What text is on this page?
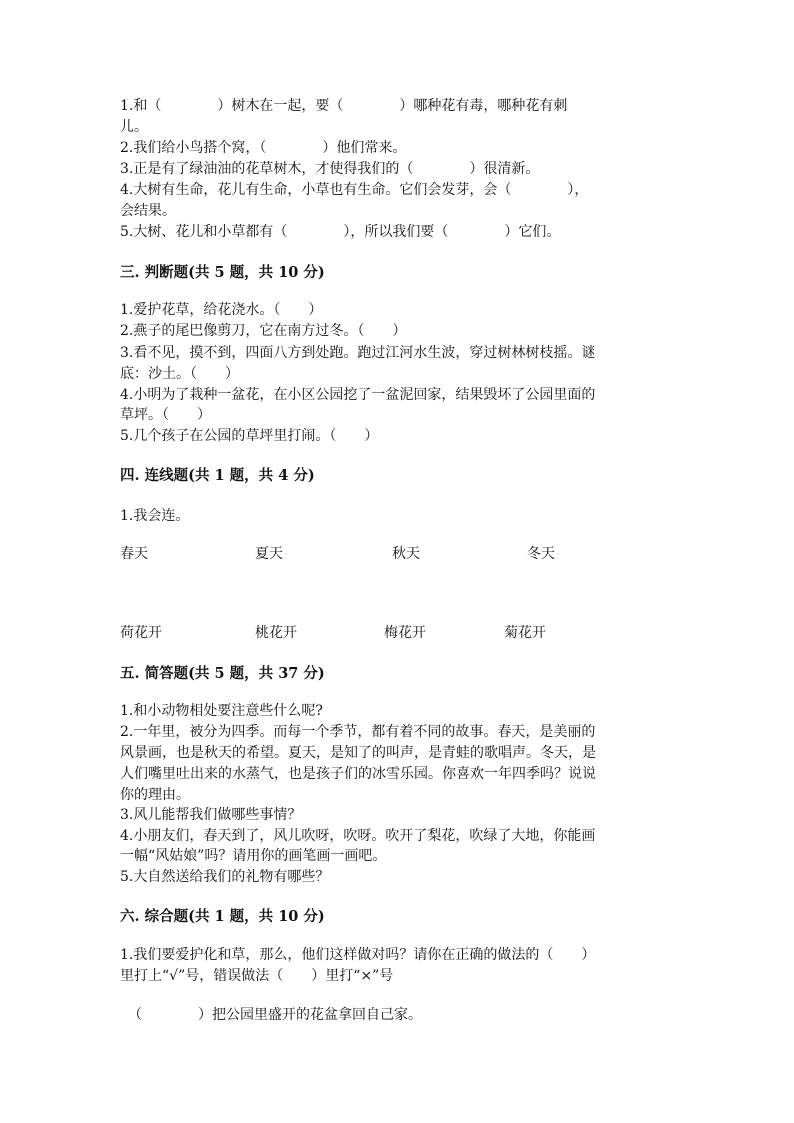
1.和（　　　　）树木在一起，要（　　　　）哪种花有毒，哪种花有刺
儿。
2.我们给小鸟搭个窝，（　　　　）他们常来。
3.正是有了绿油油的花草树木，才使得我们的（　　　　）很清新。
4.大树有生命，花儿有生命，小草也有生命。它们会发芽，会（　　　　），
会结果。
5.大树、花儿和小草都有（　　　　），所以我们要（　　　　）它们。
三. 判断题(共 5 题，共 10 分)
1.爱护花草，给花浇水。（　　）
2.燕子的尾巴像剪刀，它在南方过冬。（　　）
3.看不见，摸不到，四面八方到处跑。跑过江河水生波，穿过树林树枝摇。谜
底：沙土。（　　）
4.小明为了栽种一盆花，在小区公园挖了一盆泥回家，结果毁坏了公园里面的
草坪。（　　）
5.几个孩子在公园的草坪里打闹。（　　）
四. 连线题(共 1 题，共 4 分)
1.我会连。
春天	夏天	秋天	冬天
荷花开	桃花开	梅花开	菊花开
五. 简答题(共 5 题，共 37 分)
1.和小动物相处要注意些什么呢?
2.一年里，被分为四季。而每一个季节，都有着不同的故事。春天，是美丽的
风景画，也是秋天的希望。夏天，是知了的叫声，是青蛙的歌唱声。冬天，是
人们嘴里吐出来的水蒸气，也是孩子们的冰雪乐园。你喜欢一年四季吗？说说
你的理由。
3.风儿能帮我们做哪些事情？
4.小朋友们，春天到了，风儿吹呀，吹呀。吹开了梨花，吹绿了大地，你能画
一幅“风姑娘”吗？请用你的画笔画一画吧。
5.大自然送给我们的礼物有哪些？
六. 综合题(共 1 题，共 10 分)
1.我们要爱护化和草，那么，他们这样做对吗？请你在正确的做法的（　　）
里打上“√”号，错误做法（　　）里打“×”号
（　　　　）把公园里盛开的花盆拿回自己家。
